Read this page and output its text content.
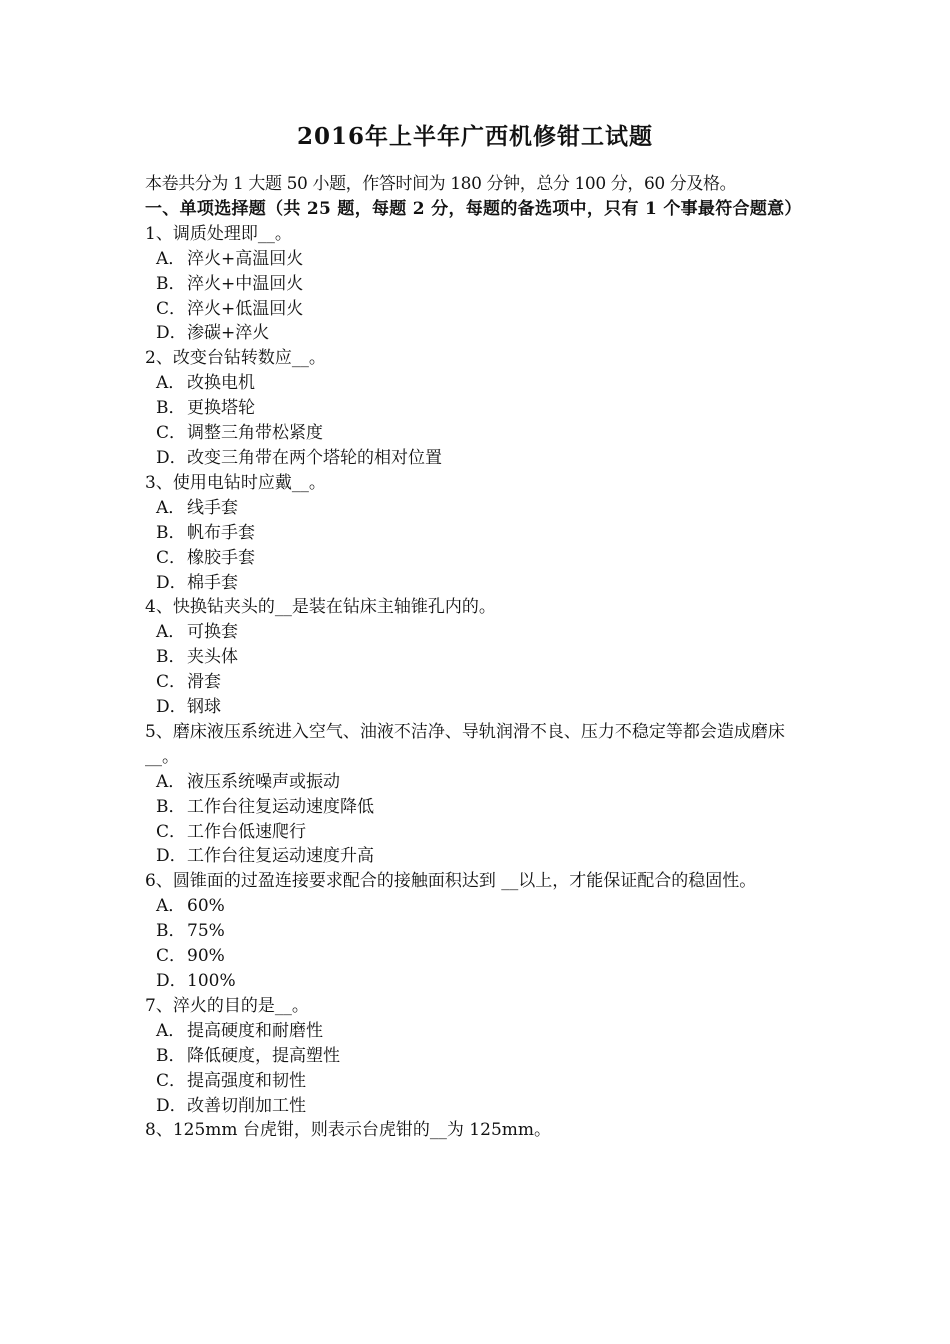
2016年上半年广西机修钳工试题
本卷共分为 1 大题 50 小题，作答时间为 180 分钟，总分 100 分，60 分及格。
一、单项选择题（共 25 题，每题 2 分，每题的备选项中，只有 1 个事最符合题意）
1、调质处理即__。
A． 淬火+高温回火
B．淬火+中温回火
C．淬火+低温回火
D．渗碳+淬火
2、改变台钻转数应__。
A． 改换电机
B．更换塔轮
C．调整三角带松紧度
D．改变三角带在两个塔轮的相对位置
3、使用电钻时应戴__。
A． 线手套
B．帆布手套
C．橡胶手套
D．棉手套
4、快换钻夹头的__是装在钻床主轴锥孔内的。
A． 可换套
B．夹头体
C．滑套
D．钢球
5、磨床液压系统进入空气、油液不洁净、导轨润滑不良、压力不稳定等都会造成磨床__。
A． 液压系统噪声或振动
B．工作台往复运动速度降低
C．工作台低速爬行
D．工作台往复运动速度升高
6、圆锥面的过盈连接要求配合的接触面积达到 __以上，才能保证配合的稳固性。
A． 60%
B．75%
C．90%
D．100%
7、淬火的目的是__。
A． 提高硬度和耐磨性
B．降低硬度，提高塑性
C．提高强度和韧性
D．改善切削加工性
8、125mm 台虎钳，则表示台虎钳的__为 125mm。
